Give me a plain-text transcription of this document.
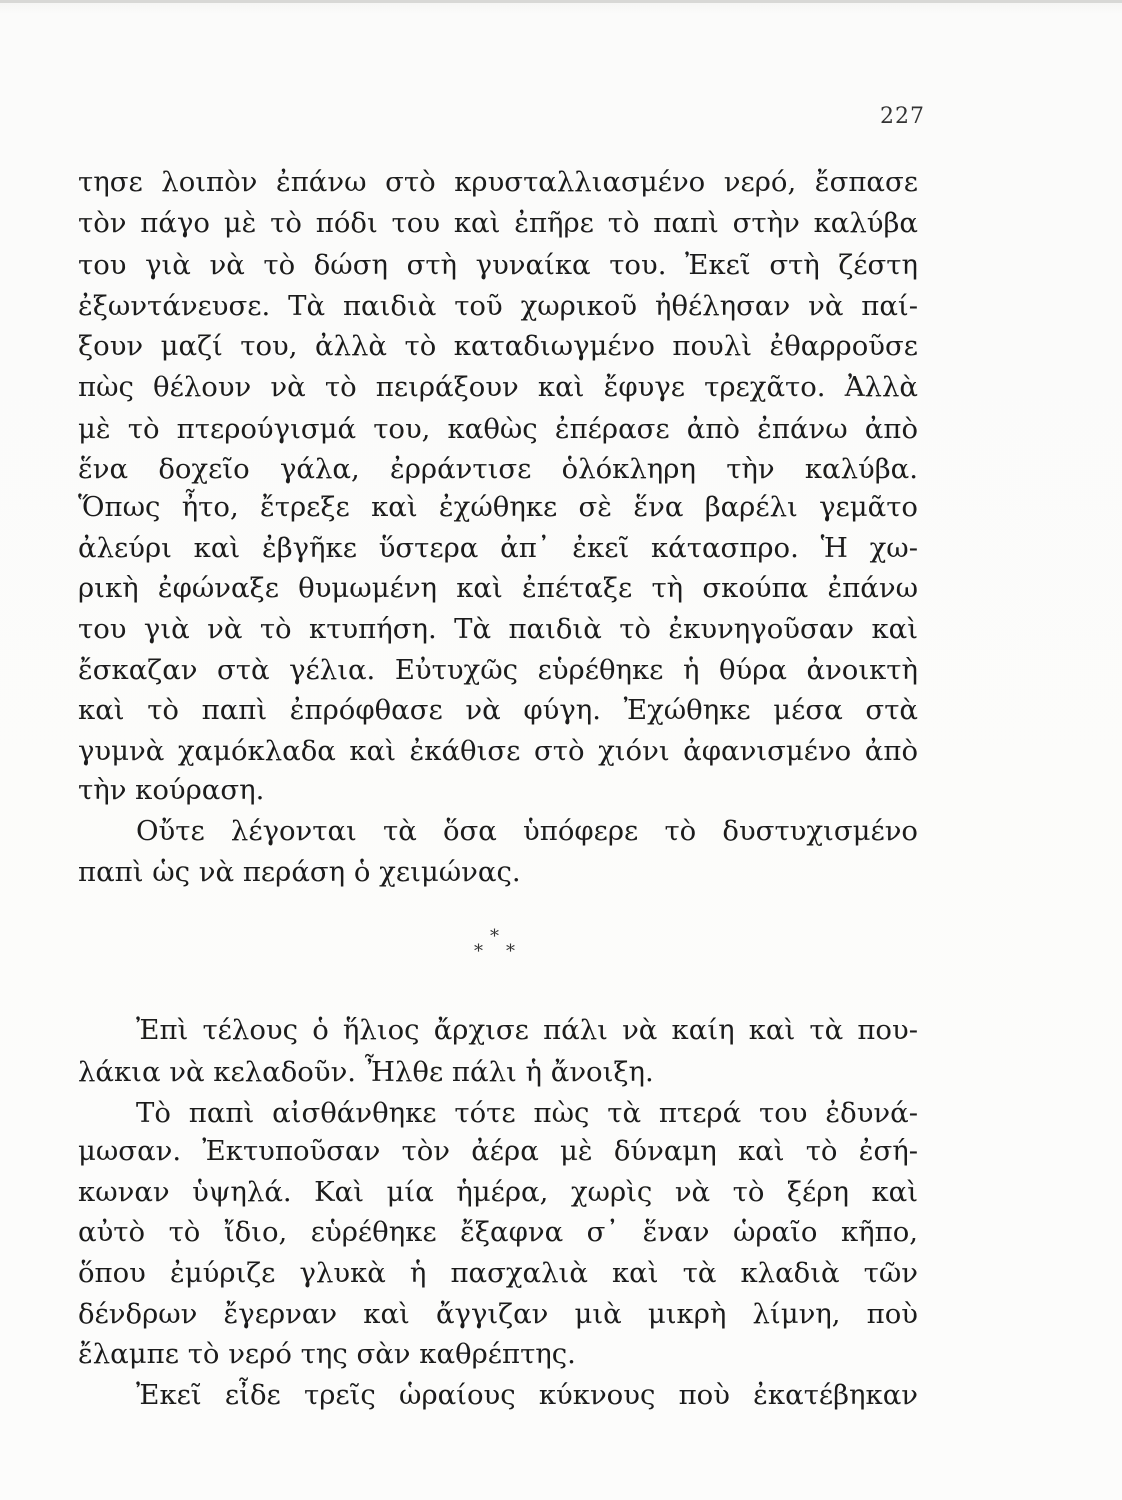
227
τησε λοιπὸν ἐπάνω στὸ κρυσταλλιασμένο νερό, ἔσπασε
τὸν πάγο μὲ τὸ πόδι του καὶ ἐπῆρε τὸ παπὶ στὴν καλύβα
του γιὰ νὰ τὸ δώση στὴ γυναίκα του. Ἐκεῖ στὴ ζέστη
ἐξωντάνευσε. Τὰ παιδιὰ τοῦ χωρικοῦ ἠθέλησαν νὰ παί-
ξουν μαζί του, ἀλλὰ τὸ καταδιωγμένο πουλὶ ἐθαρροῦσε
πὼς θέλουν νὰ τὸ πειράξουν καὶ ἔφυγε τρεχᾶτο. Ἀλλὰ
μὲ τὸ πτερούγισμά του, καθὼς ἐπέρασε ἀπὸ ἐπάνω ἀπὸ
ἕνα δοχεῖο γάλα, ἐρράντισε ὁλόκληρη τὴν καλύβα.
Ὅπως ἦτο, ἔτρεξε καὶ ἐχώθηκε σὲ ἕνα βαρέλι γεμᾶτο
ἀλεύρι καὶ ἐβγῆκε ὕστερα ἀπ᾿ ἐκεῖ κάτασπρο. Ἡ χω-
ρικὴ ἐφώναξε θυμωμένη καὶ ἐπέταξε τὴ σκούπα ἐπάνω
του γιὰ νὰ τὸ κτυπήση. Τὰ παιδιὰ τὸ ἐκυνηγοῦσαν καὶ
ἔσκαζαν στὰ γέλια. Εὐτυχῶς εὑρέθηκε ἡ θύρα ἀνοικτὴ
καὶ τὸ παπὶ ἐπρόφθασε νὰ φύγη. Ἐχώθηκε μέσα στὰ
γυμνὰ χαμόκλαδα καὶ ἐκάθισε στὸ χιόνι ἀφανισμένο ἀπὸ
τὴν κούραση.
Οὔτε λέγονται τὰ ὅσα ὑπόφερε τὸ δυστυχισμένο
παπὶ ὡς νὰ περάση ὁ χειμώνας.
*
* *
Ἐπὶ τέλους ὁ ἥλιος ἄρχισε πάλι νὰ καίη καὶ τὰ που-
λάκια νὰ κελαδοῦν. Ἦλθε πάλι ἡ ἄνοιξη.
Τὸ παπὶ αἰσθάνθηκε τότε πὼς τὰ πτερά του ἐδυνά-
μωσαν. Ἐκτυποῦσαν τὸν ἀέρα μὲ δύναμη καὶ τὸ ἐσή-
κωναν ὑψηλά. Καὶ μία ἡμέρα, χωρὶς νὰ τὸ ξέρη καὶ
αὐτὸ τὸ ἴδιο, εὑρέθηκε ἔξαφνα σ᾿ ἕναν ὡραῖο κῆπο,
ὅπου ἐμύριζε γλυκὰ ἡ πασχαλιὰ καὶ τὰ κλαδιὰ τῶν
δένδρων ἔγερναν καὶ ἄγγιζαν μιὰ μικρὴ λίμνη, ποὺ
ἔλαμπε τὸ νερό της σὰν καθρέπτης.
Ἐκεῖ εἶδε τρεῖς ὡραίους κύκνους ποὺ ἐκατέβηκαν
